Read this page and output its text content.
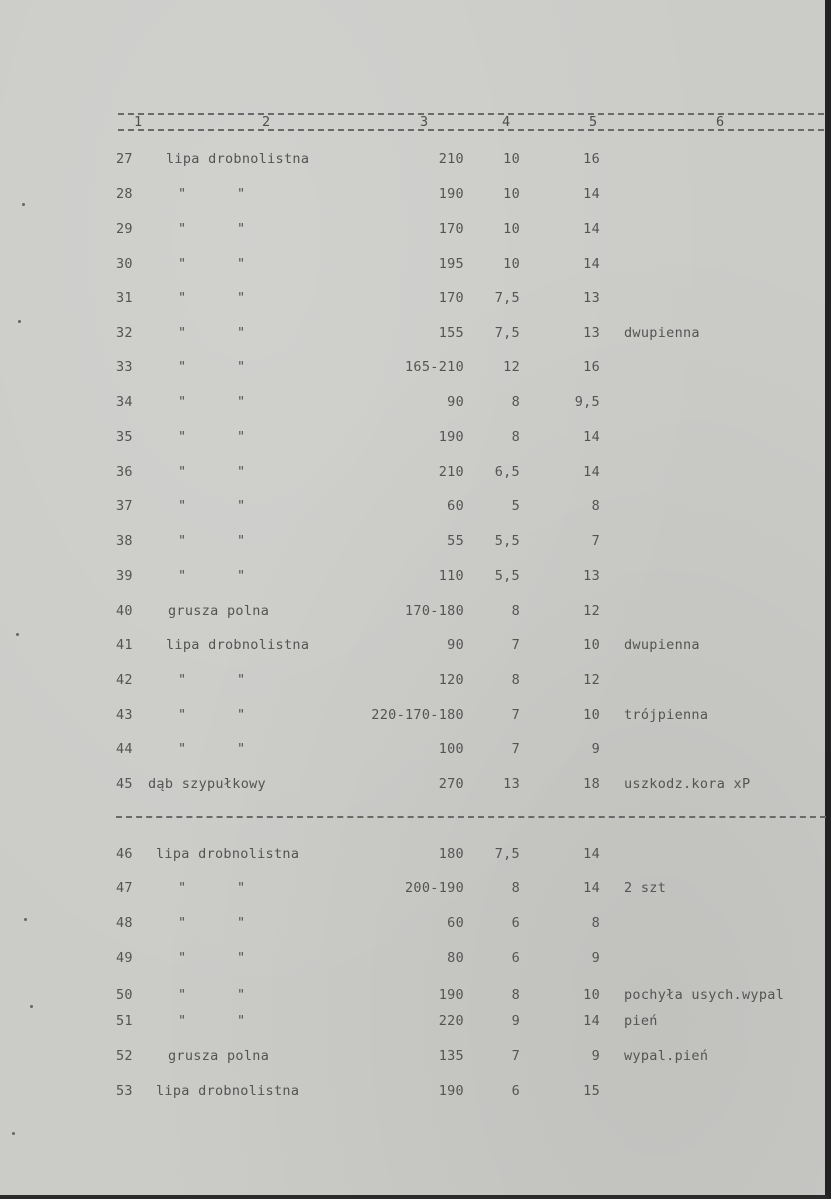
1	2	3	4	5	6
27 lipa drobnolistna	210	10	16
28	"      "	190	10	14
29	"      "	170	10	14
30	"      "	195	10	14
31	"      "	170	7,5	13
32	"      "	155	7,5	13 dwupienna
33	"      "	165-210	12	16
34	"      "	90	8	9,5
35	"      "	190	8	14
36	"      "	210	6,5	14
37	"      "	60	5	8
38	"      "	55	5,5	7
39	"      "	110	5,5	13
40	grusza polna	170-180	8	12
41 lipa drobnolistna	90	7	10 dwupienna
42	"      "	120	8	12
43	"      "	220-170-180	7	10 trójpienna
44	"      "	100	7	9
45 dąb szypułkowy	270	13	18 uszkodz.kora xP
46 lipa drobnolistna	180	7,5	14
47	"      "	200-190	8	14 2 szt
48	"      "	60	6	8
49	"      "	80	6	9
50	"      "	190	8	10 pochyła usych.wypal
51	"      "	220	9	14 pień
52	grusza polna	135	7	9 wypal.pień
53 lipa drobnolistna	190	6	15
